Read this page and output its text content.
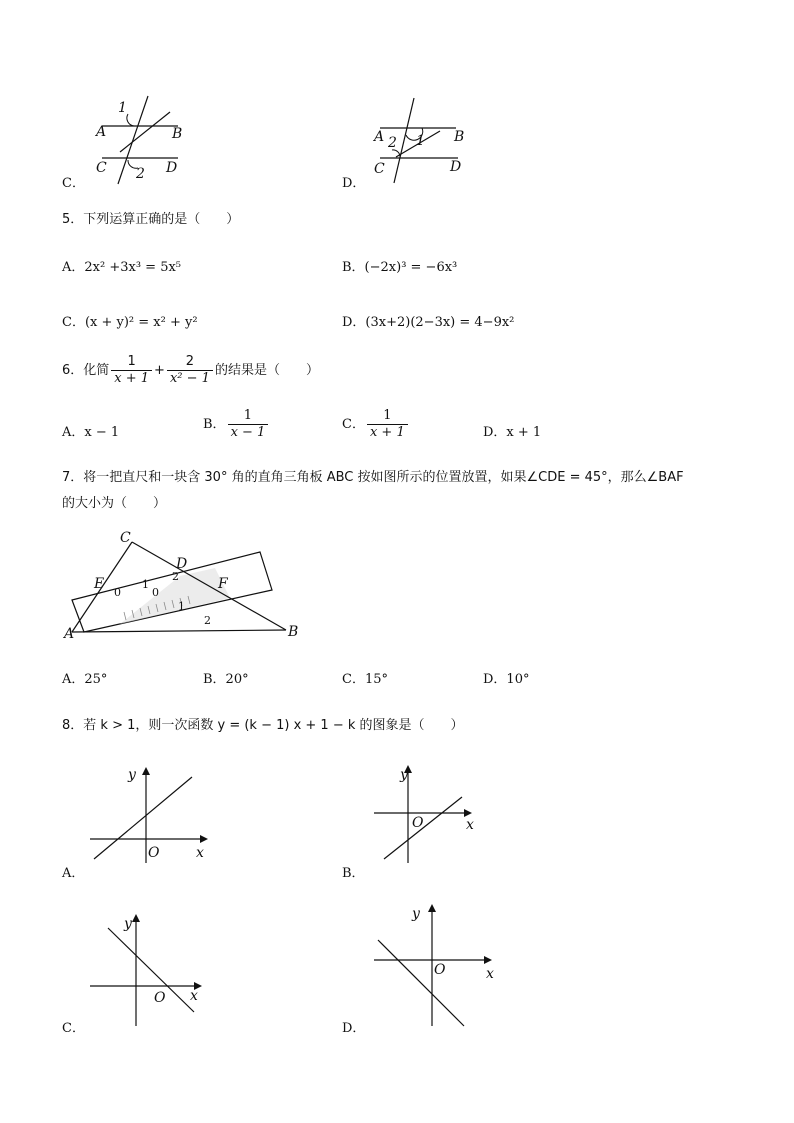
1
A	B
C 2 D
C．
A 2 1 B
C	D
D．
5．下列运算正确的是（　　）
A．2x² +3x³ = 5x⁵	B．(−2x)³ = −6x³
C．(x + y)² = x² + y²	D．(3x+2)(2−3x) = 4−9x²
6．化简 $\frac{1}{x + 1} + \frac{2}{\text{x² − 1}}$ 的结果是（　　）
A．x − 1
B． $\frac{1}{x - 1}$	C． $\frac{1}{x + 1}$	D．x + 1
7．将一把直尺和一块含 30° 角的直角三角板 ABC 按如图所示的位置放置，如果∠CDE = 45°，那么∠BAF
的大小为（　　）
C
D
E	F
A	B
2
0
1
0
1
2
A．25°	B．20°	C．15°	D．10°
8．若 k > 1，则一次函数 y = (k − 1) x + 1 − k 的图象是（　　）
x
y
O
A．
x
y
O
B．
x
y
O
C．
x
y
O
D．
